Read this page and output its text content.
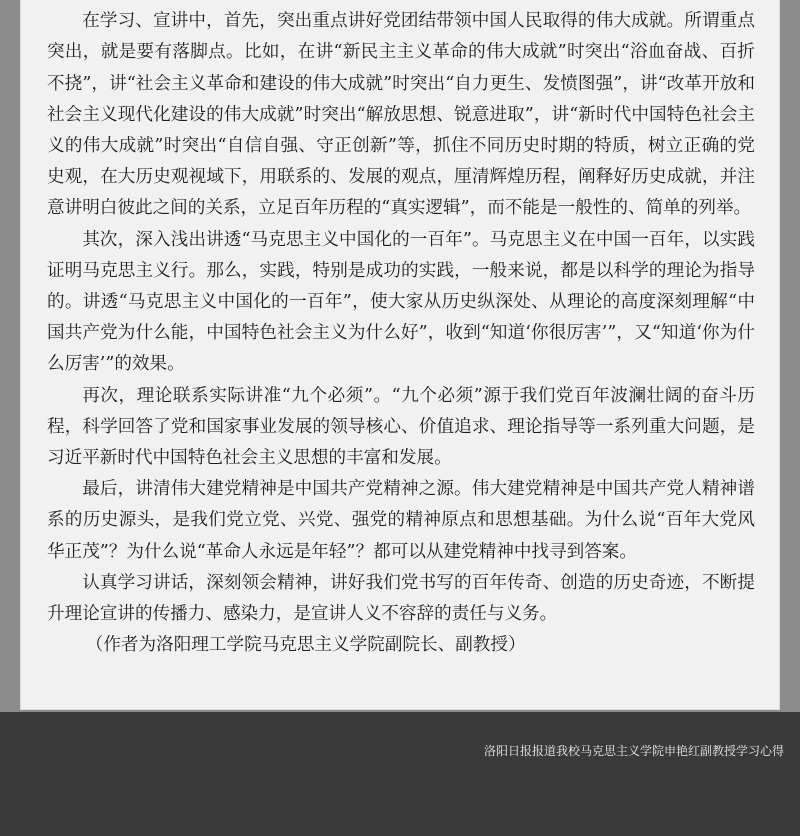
在学习、宣讲中，首先，突出重点讲好党团结带领中国人民取得的伟大成就。所谓重点突出，就是要有落脚点。比如，在讲“新民主主义革命的伟大成就”时突出“浴血奋战、百折不挠”，讲“社会主义革命和建设的伟大成就”时突出“自力更生、发愤图强”，讲“改革开放和社会主义现代化建设的伟大成就”时突出“解放思想、锐意进取”，讲“新时代中国特色社会主义的伟大成就”时突出“自信自强、守正创新”等，抓住不同历史时期的特质，树立正确的党史观，在大历史观视域下，用联系的、发展的观点，厘清辉煌历程，阐释好历史成就，并注意讲明白彼此之间的关系，立足百年历程的“真实逻辑”，而不能是一般性的、简单的列举。

其次，深入浅出讲透“马克思主义中国化的一百年”。马克思主义在中国一百年，以实践证明马克思主义行。那么，实践，特别是成功的实践，一般来说，都是以科学的理论为指导的。讲透“马克思主义中国化的一百年”，使大家从历史纵深处、从理论的高度深刻理解“中国共产党为什么能，中国特色社会主义为什么好”，收到“知道‘你很厉害’”，又“知道‘你为什么厉害’”的效果。

再次，理论联系实际讲准“九个必须”。“九个必须”源于我们党百年波澜壮阔的奋斗历程，科学回答了党和国家事业发展的领导核心、价值追求、理论指导等一系列重大问题，是习近平新时代中国特色社会主义思想的丰富和发展。

最后，讲清伟大建党精神是中国共产党精神之源。伟大建党精神是中国共产党人精神谱系的历史源头，是我们党立党、兴党、强党的精神原点和思想基础。为什么说“百年大党风华正茂”？为什么说“革命人永远是年轻”？都可以从建党精神中找寻到答案。

认真学习讲话，深刻领会精神，讲好我们党书写的百年传奇、创造的历史奇迹，不断提升理论宣讲的传播力、感染力，是宣讲人义不容辞的责任与义务。

（作者为洛阳理工学院马克思主义学院副院长、副教授）

洛阳日报报道我校马克思主义学院申艳红副教授学习心得
